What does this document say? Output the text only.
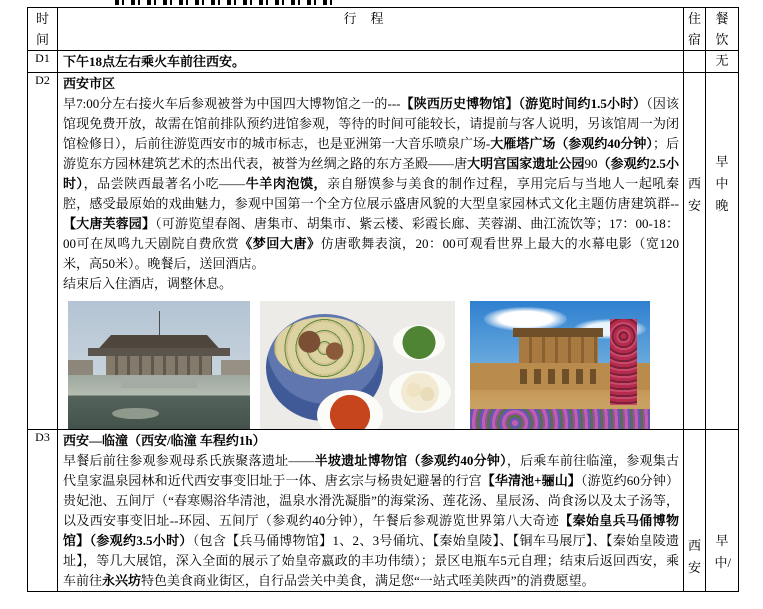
时间	行程	住宿	餐饮

D1	下午18点左右乘火车前往西安。		无
D2	西安市区
早7:00分左右接火车后参观被誉为中国四大博物馆之一的---【陕西历史博物馆】（游览时间约1.5小时）（因该馆现免费开放，故需在馆前排队预约进馆参观，等待的时间可能较长，请提前与客人说明，另该馆周一为闭馆检修日），后前往游览西安市的城市标志，也是亚洲第一大音乐喷泉广场-大雁塔广场（参观约40分钟）；后游览东方园林建筑艺术的杰出代表，被誉为丝绸之路的东方圣殿——唐大明宫国家遗址公园90（参观约2.5小时），品尝陕西最著名小吃——牛羊肉泡馍，亲自掰馍参与美食的制作过程，享用完后与当地人一起吼秦腔，感受最原始的戏曲魅力，参观中国第一个全方位展示盛唐风貌的大型皇家园林式文化主题仿唐建筑群--【大唐芙蓉园】（可游览望春阁、唐集市、胡集市、紫云楼、彩霞长廊、芙蓉湖、曲江流饮等；17：00-18：00可在凤鸣九天剧院自费欣赏《梦回大唐》仿唐歌舞表演，20：00可观看世界上最大的水幕电影（宽120米，高50米）。晚餐后，送回酒店。
结束后入住酒店，调整休息。	西安	早中晚

D3	西安—临潼（西安/临潼 车程约1h）
早餐后前往参观参观母系氏族聚落遗址——半坡遗址博物馆（参观约40分钟），后乘车前往临潼，参观集古代皇家温泉园林和近代西安事变旧址于一体、唐玄宗与杨贵妃避暑的行宫【华清池+骊山】（游览约60分钟）贵妃池、五间厅（“春寒赐浴华清池，温泉水滑洗凝脂”的海棠汤、莲花汤、星辰汤、尚食汤以及太子汤等，以及西安事变旧址--环园、五间厅（参观约40分钟），午餐后参观游览世界第八大奇迹【秦始皇兵马俑博物馆】（参观约3.5小时）（包含【兵马俑博物馆】1、2、3号俑坑、【秦始皇陵】、【铜车马展厅】、【秦始皇陵遗址】，等几大展馆，深入全面的展示了始皇帝嬴政的丰功伟绩）；景区电瓶车5元自理；结束后返回西安，乘车前往永兴坊特色美食商业街区，自行品尝关中美食，满足您“一站式咥美陕西”的消费愿望。	西安	早中/
